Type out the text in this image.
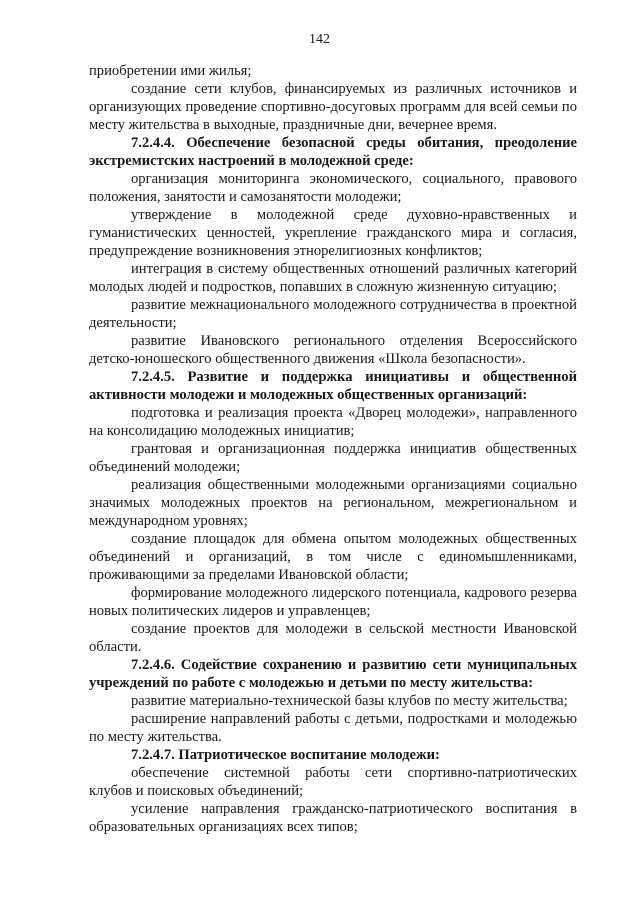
142

приобретении ими жилья;

создание сети клубов, финансируемых из различных источников и организующих проведение спортивно-досуговых программ для всей семьи по месту жительства в выходные, праздничные дни, вечернее время.

7.2.4.4. Обеспечение безопасной среды обитания, преодоление экстремистских настроений в молодежной среде:

организация мониторинга экономического, социального, правового положения, занятости и самозанятости молодежи;

утверждение в молодежной среде духовно-нравственных и гуманистических ценностей, укрепление гражданского мира и согласия, предупреждение возникновения этнорелигиозных конфликтов;

интеграция в систему общественных отношений различных категорий молодых людей и подростков, попавших в сложную жизненную ситуацию;

развитие межнационального молодежного сотрудничества в проектной деятельности;

развитие Ивановского регионального отделения Всероссийского детско-юношеского общественного движения «Школа безопасности».

7.2.4.5. Развитие и поддержка инициативы и общественной активности молодежи и молодежных общественных организаций:

подготовка и реализация проекта «Дворец молодежи», направленного на консолидацию молодежных инициатив;

грантовая и организационная поддержка инициатив общественных объединений молодежи;

реализация общественными молодежными организациями социально значимых молодежных проектов на региональном, межрегиональном и международном уровнях;

создание площадок для обмена опытом молодежных общественных объединений и организаций, в том числе с единомышленниками, проживающими за пределами Ивановской области;

формирование молодежного лидерского потенциала, кадрового резерва новых политических лидеров и управленцев;

создание проектов для молодежи в сельской местности Ивановской области.

7.2.4.6. Содействие сохранению и развитию сети муниципальных учреждений по работе с молодежью и детьми по месту жительства:

развитие материально-технической базы клубов по месту жительства;

расширение направлений работы с детьми, подростками и молодежью по месту жительства.

7.2.4.7. Патриотическое воспитание молодежи:

обеспечение системной работы сети спортивно-патриотических клубов и поисковых объединений;

усиление направления гражданско-патриотического воспитания в образовательных организациях всех типов;
